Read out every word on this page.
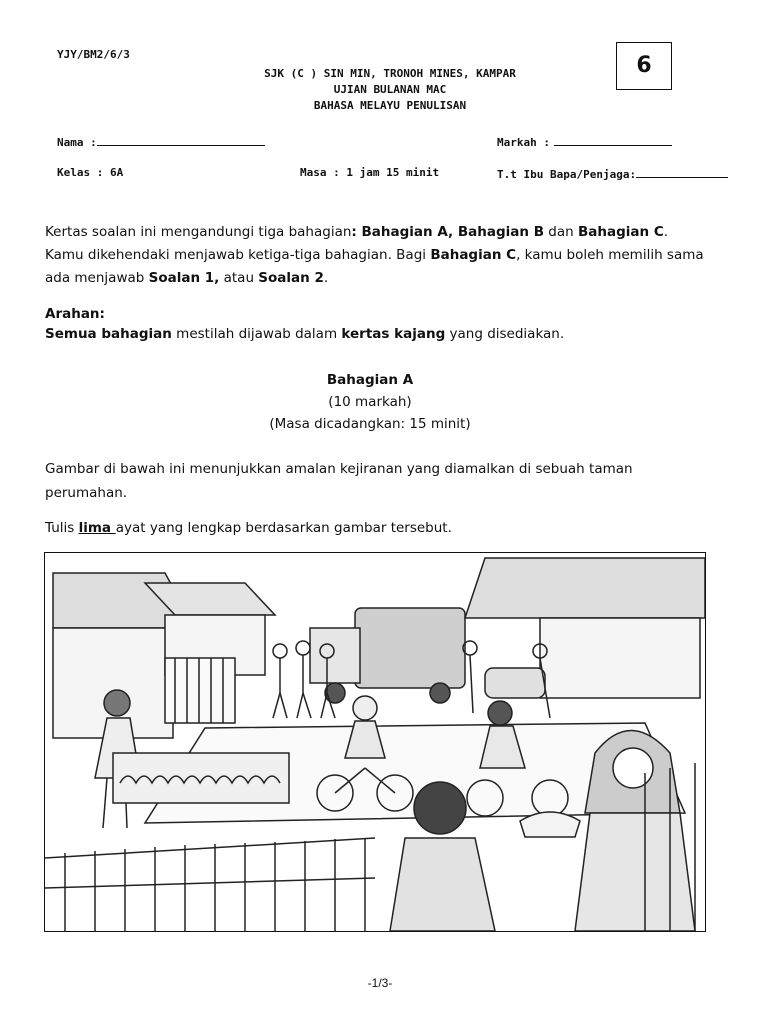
YJY/BM2/6/3
SJK (C ) SIN MIN, TRONOH MINES, KAMPAR
UJIAN BULANAN MAC
BAHASA MELAYU PENULISAN
6
Nama :	Markah :
Kelas : 6A	Masa : 1 jam 15 minit	T.t Ibu Bapa/Penjaga:
Kertas soalan ini mengandungi tiga bahagian: Bahagian A, Bahagian B dan Bahagian C. Kamu dikehendaki menjawab ketiga-tiga bahagian. Bagi Bahagian C, kamu boleh memilih sama ada menjawab Soalan 1, atau Soalan 2.
Arahan:
Semua bahagian mestilah dijawab dalam kertas kajang yang disediakan.
Bahagian A
(10 markah)
(Masa dicadangkan: 15 minit)
Gambar di bawah ini menunjukkan amalan kejiranan yang diamalkan di sebuah taman perumahan.
Tulis lima ayat yang lengkap berdasarkan gambar tersebut.
-1/3-
